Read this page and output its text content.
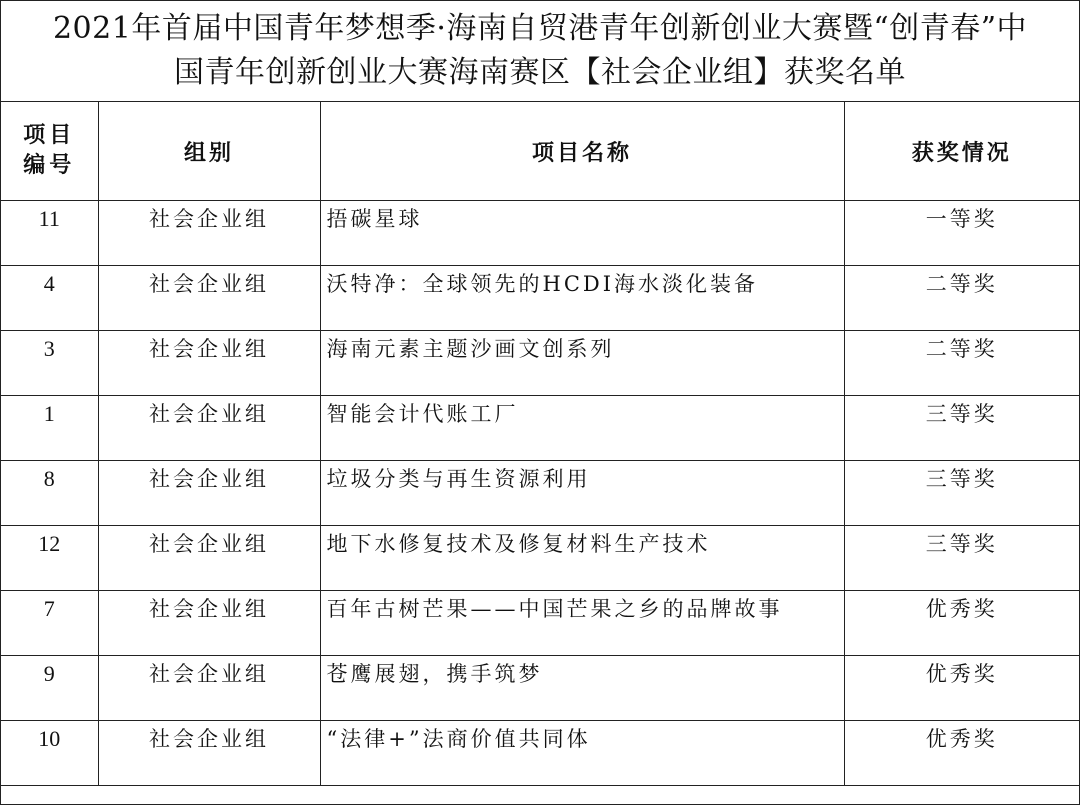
2021年首届中国青年梦想季·海南自贸港青年创新创业大赛暨“创青春”中
国青年创新创业大赛海南赛区【社会企业组】获奖名单
项目
编号	组别	项目名称	获奖情况
11	社会企业组	捂碳星球	一等奖
4	社会企业组	沃特净：全球领先的HCDI海水淡化装备	二等奖
3	社会企业组	海南元素主题沙画文创系列	二等奖
1	社会企业组	智能会计代账工厂	三等奖
8	社会企业组	垃圾分类与再生资源利用	三等奖
12	社会企业组	地下水修复技术及修复材料生产技术	三等奖
7	社会企业组	百年古树芒果——中国芒果之乡的品牌故事	优秀奖
9	社会企业组	苍鹰展翅，携手筑梦	优秀奖
10	社会企业组	“法律+”法商价值共同体	优秀奖
